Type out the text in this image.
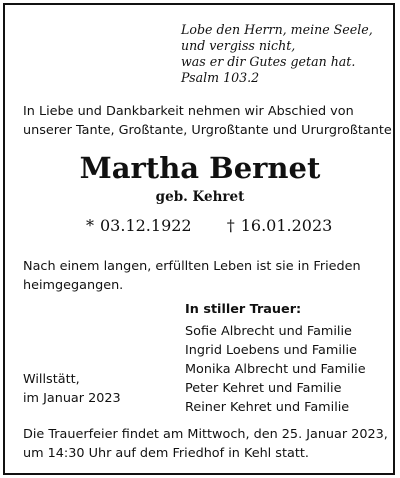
Lobe den Herrn, meine Seele,
und vergiss nicht,
was er dir Gutes getan hat.
Psalm 103.2
In Liebe und Dankbarkeit nehmen wir Abschied von
unserer Tante, Großtante, Urgroßtante und Ururgroßtante
Martha Bernet
geb. Kehret
* 03.12.1922 † 16.01.2023
Nach einem langen, erfüllten Leben ist sie in Frieden
heimgegangen.
In stiller Trauer:
Sofie Albrecht und Familie
Ingrid Loebens und Familie
Monika Albrecht und Familie
Peter Kehret und Familie
Reiner Kehret und Familie
Willstätt,
im Januar 2023
Die Trauerfeier findet am Mittwoch, den 25. Januar 2023,
um 14:30 Uhr auf dem Friedhof in Kehl statt.
